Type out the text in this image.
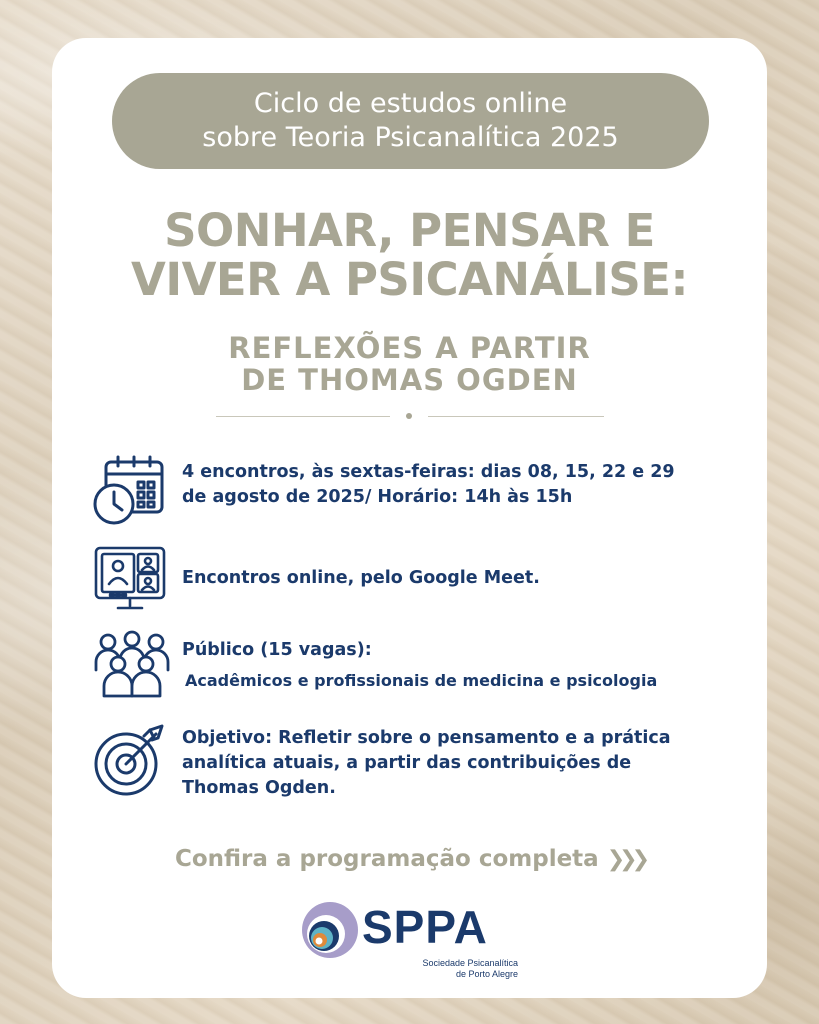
Ciclo de estudos online
sobre Teoria Psicanalítica 2025
SONHAR, PENSAR E
VIVER A PSICANÁLISE:
REFLEXÕES A PARTIR
DE THOMAS OGDEN
4 encontros, às sextas-feiras: dias 08, 15, 22 e 29
de agosto de 2025/ Horário: 14h às 15h
Encontros online, pelo Google Meet.
Público (15 vagas):
Acadêmicos e profissionais de medicina e psicologia
Objetivo: Refletir sobre o pensamento e a prática
analítica atuais, a partir das contribuições de
Thomas Ogden.
Confira a programação completa ❯❯❯
SPPA
Sociedade Psicanalítica
de Porto Alegre
